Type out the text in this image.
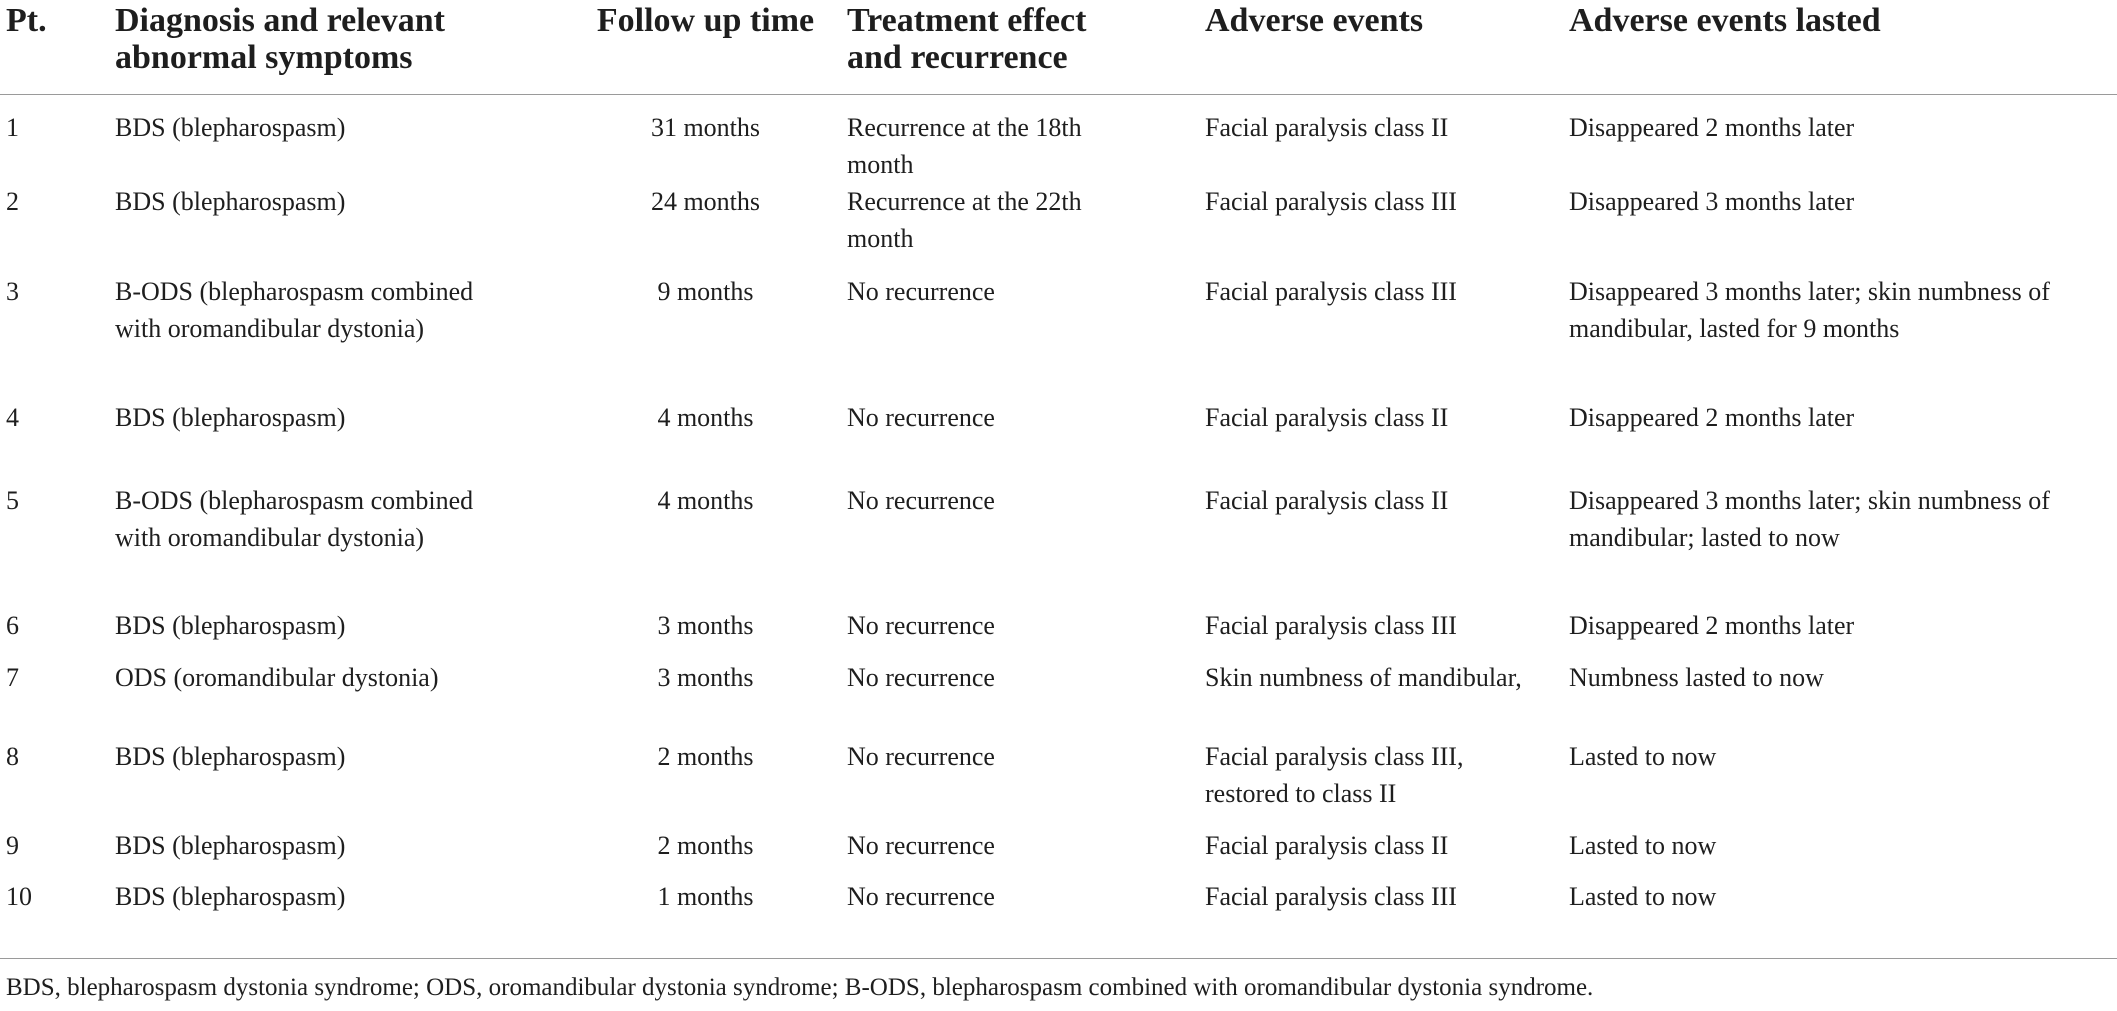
Pt.	Diagnosis and relevant abnormal symptoms	Follow up time	Treatment effect and recurrence	Adverse events	Adverse events lasted
1	BDS (blepharospasm)	31 months	Recurrence at the 18th month	Facial paralysis class II	Disappeared 2 months later
2	BDS (blepharospasm)	24 months	Recurrence at the 22th month	Facial paralysis class III	Disappeared 3 months later
3	B-ODS (blepharospasm combined with oromandibular dystonia)	9 months	No recurrence	Facial paralysis class III	Disappeared 3 months later; skin numbness of mandibular, lasted for 9 months
4	BDS (blepharospasm)	4 months	No recurrence	Facial paralysis class II	Disappeared 2 months later
5	B-ODS (blepharospasm combined with oromandibular dystonia)	4 months	No recurrence	Facial paralysis class II	Disappeared 3 months later; skin numbness of mandibular; lasted to now
6	BDS (blepharospasm)	3 months	No recurrence	Facial paralysis class III	Disappeared 2 months later
7	ODS (oromandibular dystonia)	3 months	No recurrence	Skin numbness of mandibular,	Numbness lasted to now
8	BDS (blepharospasm)	2 months	No recurrence	Facial paralysis class III, restored to class II	Lasted to now
9	BDS (blepharospasm)	2 months	No recurrence	Facial paralysis class II	Lasted to now
10	BDS (blepharospasm)	1 months	No recurrence	Facial paralysis class III	Lasted to now
BDS, blepharospasm dystonia syndrome; ODS, oromandibular dystonia syndrome; B-ODS, blepharospasm combined with oromandibular dystonia syndrome.
